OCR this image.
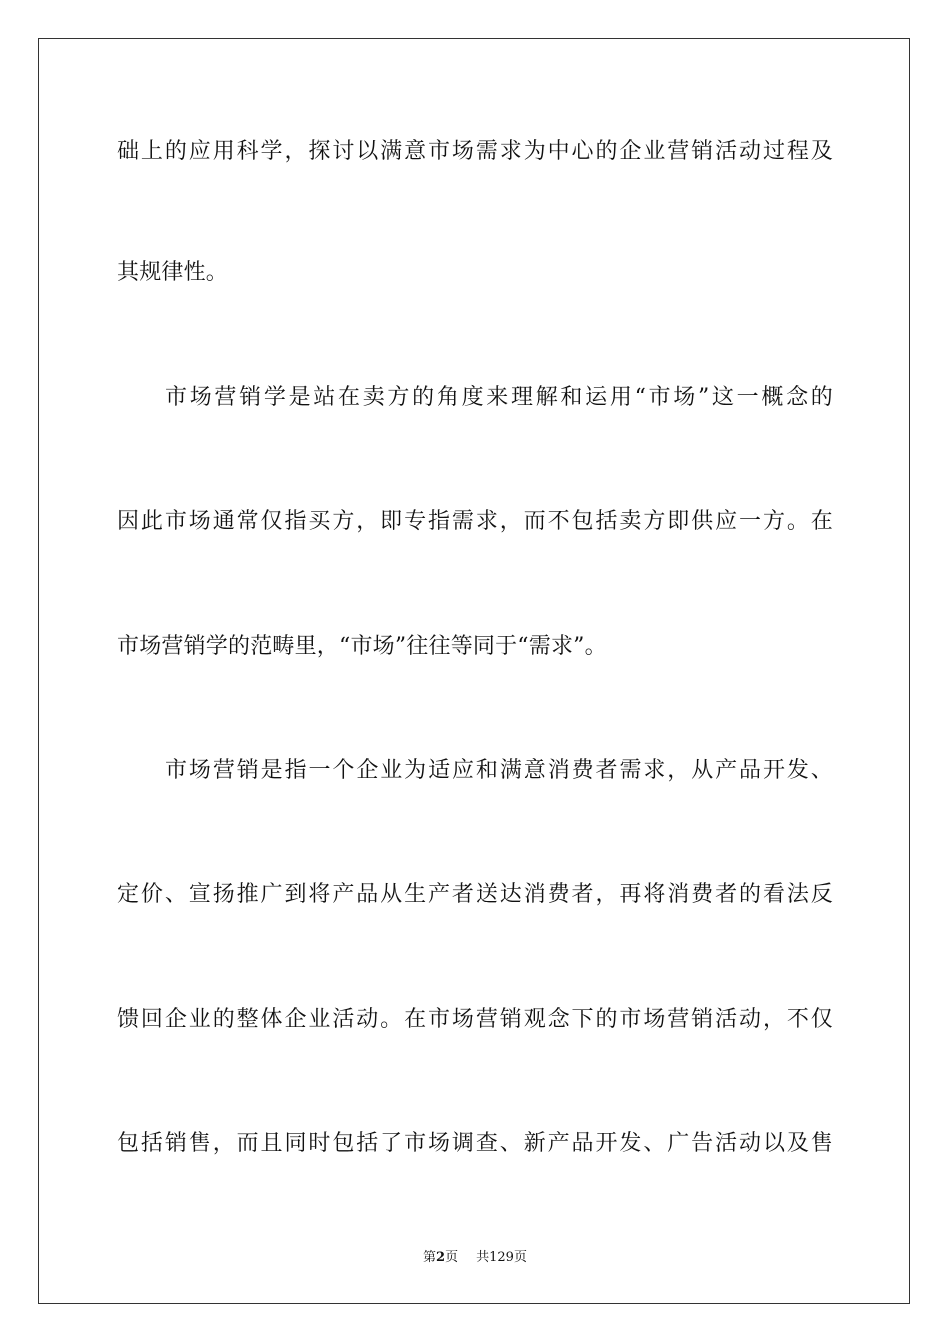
础上的应用科学，探讨以满意市场需求为中心的企业营销活动过程及
其规律性。
市场营销学是站在卖方的角度来理解和运用“市场”这一概念的
因此市场通常仅指买方，即专指需求，而不包括卖方即供应一方。在
市场营销学的范畴里，“市场”往往等同于“需求”。
市场营销是指一个企业为适应和满意消费者需求，从产品开发、
定价、宣扬推广到将产品从生产者送达消费者，再将消费者的看法反
馈回企业的整体企业活动。在市场营销观念下的市场营销活动，不仅
包括销售，而且同时包括了市场调查、新产品开发、广告活动以及售
第2页 共129页
